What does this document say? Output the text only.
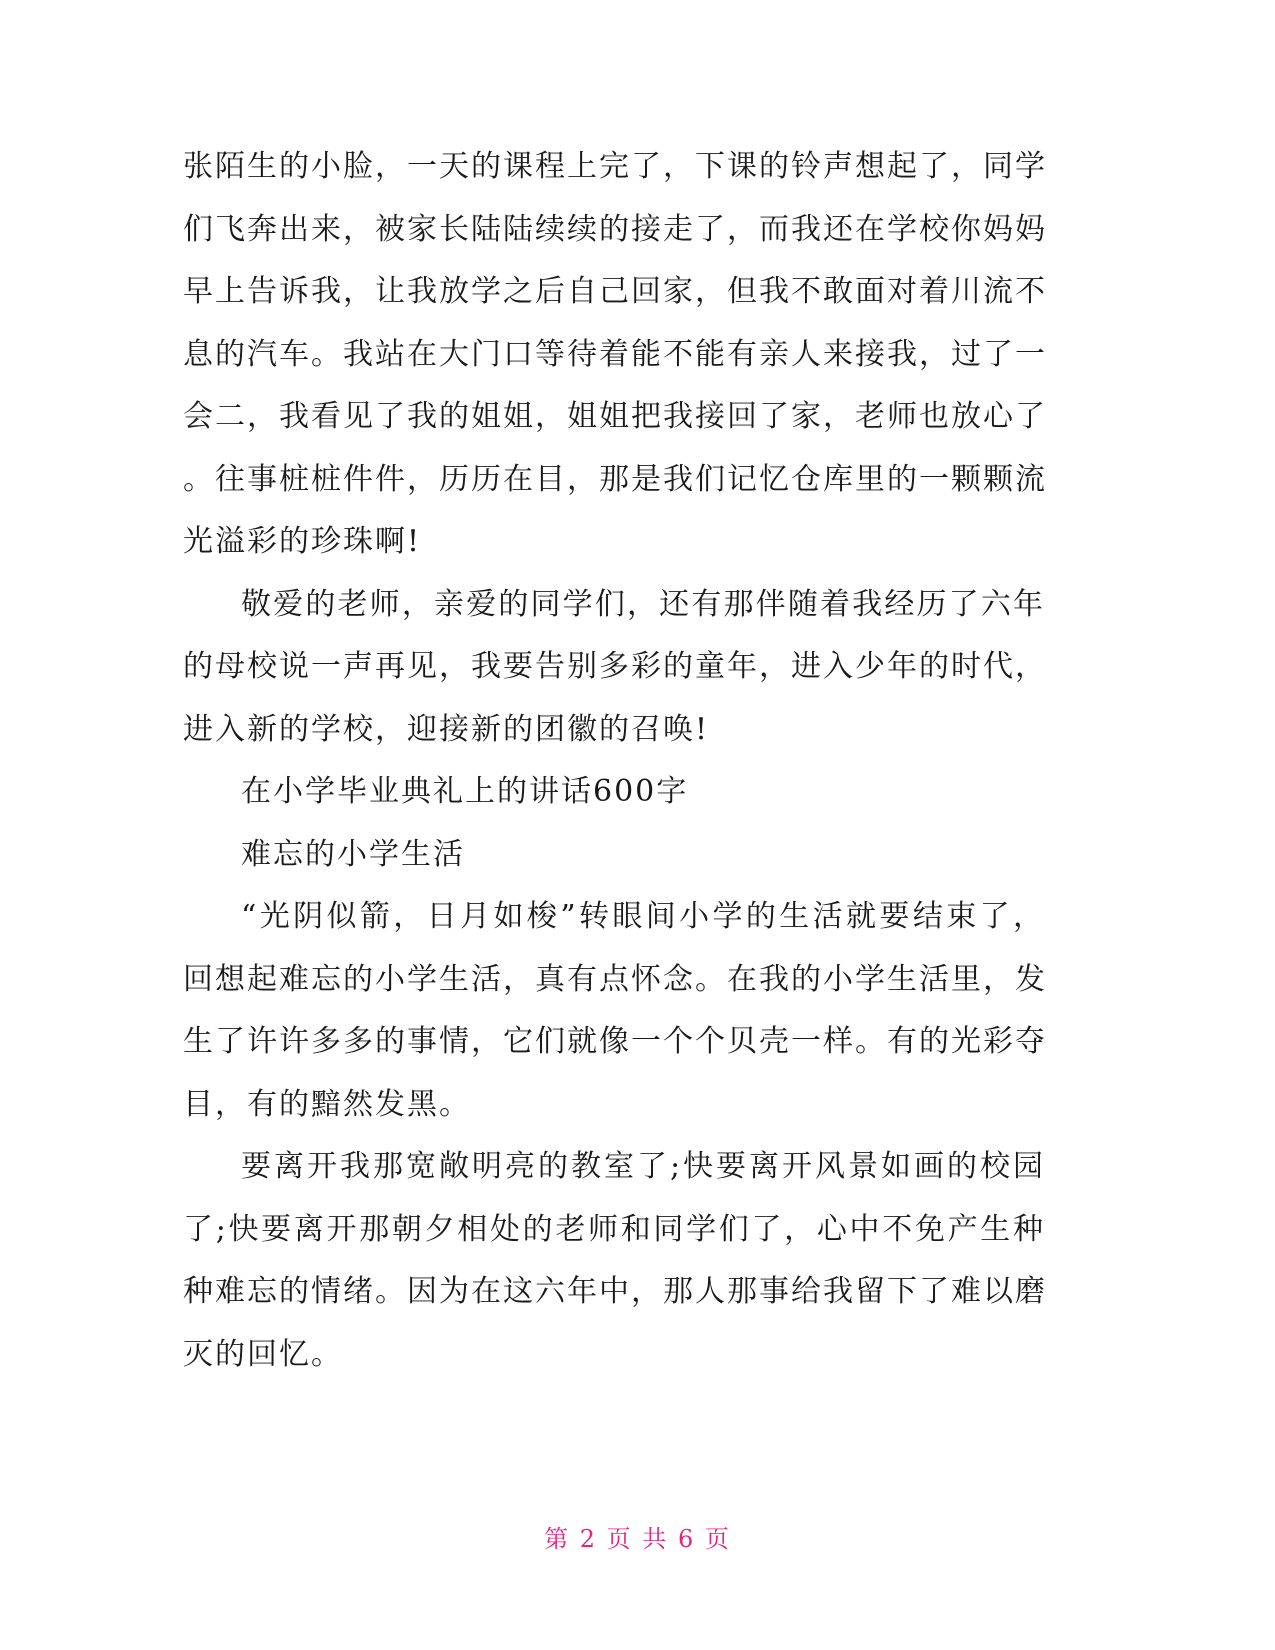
张陌生的小脸，一天的课程上完了，下课的铃声想起了，同学
们飞奔出来，被家长陆陆续续的接走了，而我还在学校你妈妈
早上告诉我，让我放学之后自己回家，但我不敢面对着川流不
息的汽车。我站在大门口等待着能不能有亲人来接我，过了一
会二，我看见了我的姐姐，姐姐把我接回了家，老师也放心了
。往事桩桩件件，历历在目，那是我们记忆仓库里的一颗颗流
光溢彩的珍珠啊!
敬爱的老师，亲爱的同学们，还有那伴随着我经历了六年
的母校说一声再见，我要告别多彩的童年，进入少年的时代，
进入新的学校，迎接新的团徽的召唤!
在小学毕业典礼上的讲话600字
难忘的小学生活
“光阴似箭，日月如梭”转眼间小学的生活就要结束了，
回想起难忘的小学生活，真有点怀念。在我的小学生活里，发
生了许许多多的事情，它们就像一个个贝壳一样。有的光彩夺
目，有的黯然发黑。
要离开我那宽敞明亮的教室了;快要离开风景如画的校园
了;快要离开那朝夕相处的老师和同学们了，心中不免产生种
种难忘的情绪。因为在这六年中，那人那事给我留下了难以磨
灭的回忆。
第 2 页 共 6 页
